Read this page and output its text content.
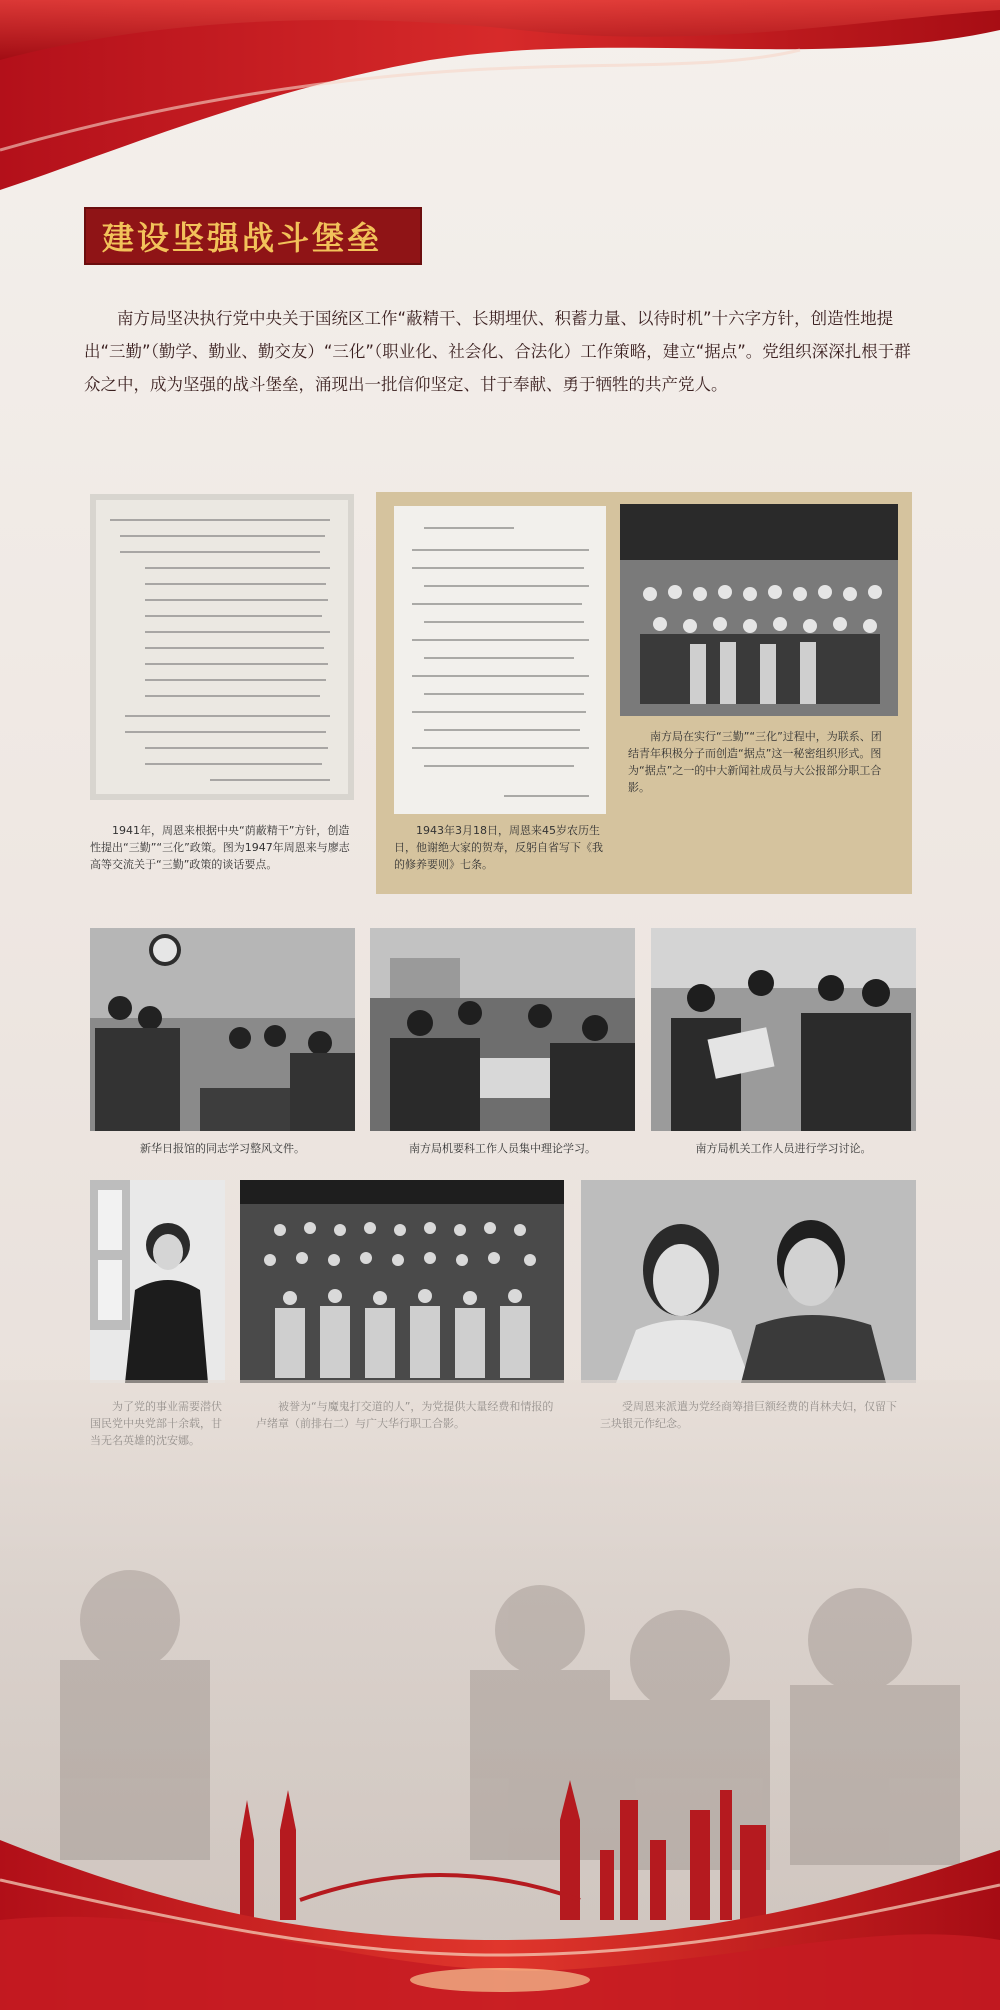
建设坚强战斗堡垒

南方局坚决执行党中央关于国统区工作“蔽精干、长期埋伏、积蓄力量、以待时机”十六字方针，创造性地提出“三勤”（勤学、勤业、勤交友）“三化”（职业化、社会化、合法化）工作策略，建立“据点”。党组织深深扎根于群众之中，成为坚强的战斗堡垒，涌现出一批信仰坚定、甘于奉献、勇于牺牲的共产党人。

1941年，周恩来根据中央“荫蔽精干”方针，创造性提出“三勤”“三化”政策。图为1947年周恩来与廖志高等交流关于“三勤”政策的谈话要点。

1943年3月18日，周恩来45岁农历生日，他谢绝大家的贺寿，反躬自省写下《我的修养要则》七条。

南方局在实行“三勤”“三化”过程中，为联系、团结青年积极分子而创造“据点”这一秘密组织形式。图为“据点”之一的中大新闻社成员与大公报部分职工合影。

新华日报馆的同志学习整风文件。	南方局机要科工作人员集中理论学习。	南方局机关工作人员进行学习讨论。
